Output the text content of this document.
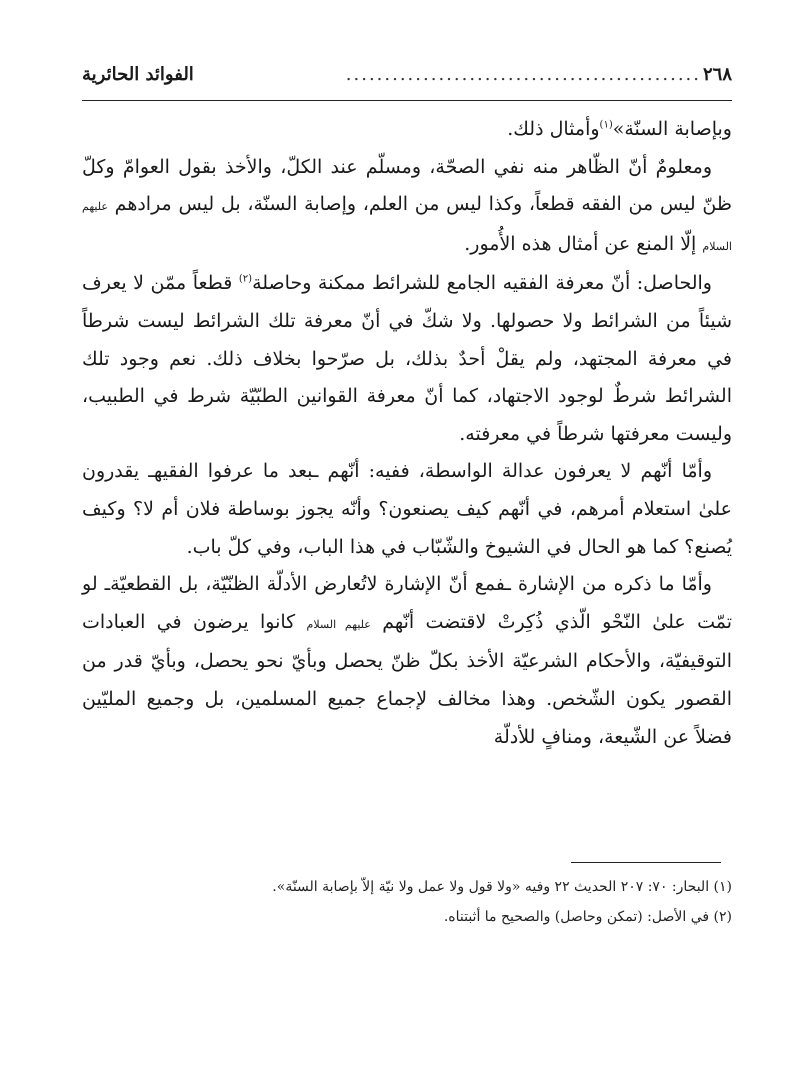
٢٦٨
..............................................
الفوائد الحائرية

وبإصابة السنّة»$^{(١)}$وأمثال ذلك.

ومعلومٌ أنّ الظّاهر منه نفي الصحّة، ومسلّم عند الكلّ، والأخذ بقول العوامّ وكلّ ظنّ ليس من الفقه قطعاً، وكذا ليس من العلم، وإصابة السنّة، بل ليس مرادهم عليهم السلام إلّا المنع عن أمثال هذه الأُمور.

والحاصل: أنّ معرفة الفقيه الجامع للشرائط ممكنة وحاصلة$^{(٢)}$ قطعاً ممّن لا يعرف شيئاً من الشرائط ولا حصولها. ولا شكّ في أنّ معرفة تلك الشرائط ليست شرطاً في معرفة المجتهد، ولم يقلْ أحدٌ بذلك، بل صرّحوا بخلاف ذلك. نعم وجود تلك الشرائط شرطٌ لوجود الاجتهاد، كما أنّ معرفة القوانين الطبّيّة شرط في الطبيب، وليست معرفتها شرطاً في معرفته.

وأمّا أنّهم لا يعرفون عدالة الواسطة، ففيه: أنّهم ـبعد ما عرفوا الفقيهـ يقدرون علىٰ استعلام أمرهم، في أنّهم كيف يصنعون؟ وأنّه يجوز بوساطة فلان أم لا؟ وكيف يُصنع؟ كما هو الحال في الشيوخ والشّبّاب في هذا الباب، وفي كلّ باب.

وأمّا ما ذكره من الإشارة ـفمع أنّ الإشارة لاتُعارض الأدلّة الظنّيّة، بل القطعيّةـ لو تمّت علىٰ النّحْو الّذي ذُكِرتْ لاقتضت أنّهم عليهم السلام كانوا يرضون في العبادات التوقيفيّة، والأحكام الشرعيّة الأخذ بكلّ ظنّ يحصل وبأيّ نحو يحصل، وبأيّ قدر من القصور يكون الشّخص. وهذا مخالف لإجماع جميع المسلمين، بل وجميع المليّين فضلاً عن الشّيعة، ومنافٍ للأدلّة

(١) البحار: ٧٠: ٢٠٧ الحديث ٢٢ وفيه «ولا قول ولا عمل ولا نيّة إلاّ بإصابة السنّة».

(٢) في الأصل: (تمكن وحاصل) والصحيح ما أثبتناه.
